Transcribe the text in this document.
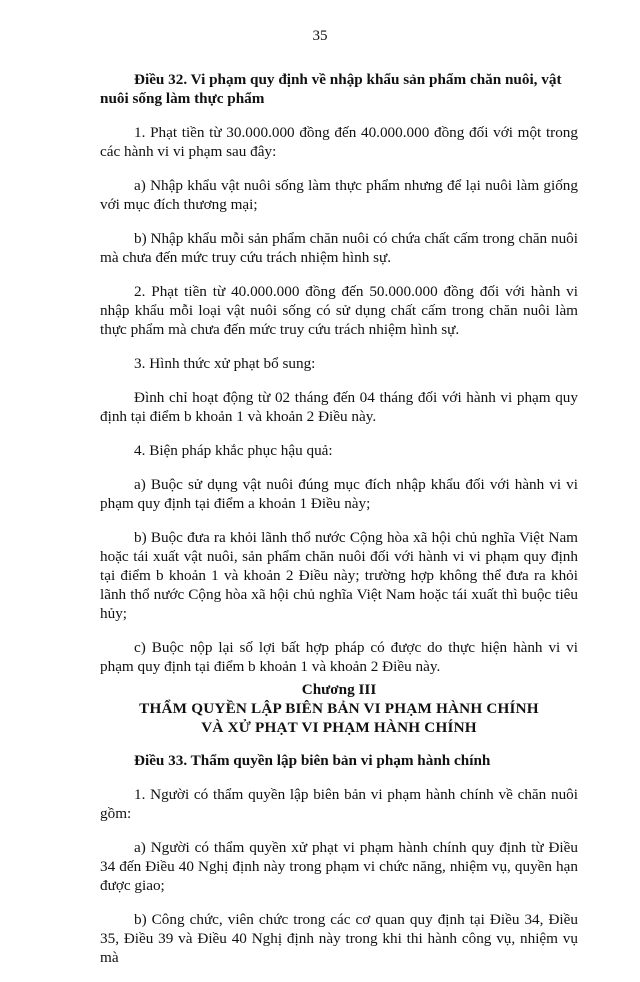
35
Điều 32. Vi phạm quy định về nhập khẩu sản phẩm chăn nuôi, vật
nuôi sống làm thực phẩm
1. Phạt tiền từ 30.000.000 đồng đến 40.000.000 đồng đối với một trong các hành vi vi phạm sau đây:
a) Nhập khẩu vật nuôi sống làm thực phẩm nhưng để lại nuôi làm giống với mục đích thương mại;
b) Nhập khẩu mỗi sản phẩm chăn nuôi có chứa chất cấm trong chăn nuôi mà chưa đến mức truy cứu trách nhiệm hình sự.
2. Phạt tiền từ 40.000.000 đồng đến 50.000.000 đồng đối với hành vi nhập khẩu mỗi loại vật nuôi sống có sử dụng chất cấm trong chăn nuôi làm thực phẩm mà chưa đến mức truy cứu trách nhiệm hình sự.
3. Hình thức xử phạt bổ sung:
Đình chỉ hoạt động từ 02 tháng đến 04 tháng đối với hành vi phạm quy định tại điểm b khoản 1 và khoản 2 Điều này.
4. Biện pháp khắc phục hậu quả:
a) Buộc sử dụng vật nuôi đúng mục đích nhập khẩu đối với hành vi vi phạm quy định tại điểm a khoản 1 Điều này;
b) Buộc đưa ra khỏi lãnh thổ nước Cộng hòa xã hội chủ nghĩa Việt Nam hoặc tái xuất vật nuôi, sản phẩm chăn nuôi đối với hành vi vi phạm quy định tại điểm b khoản 1 và khoản 2 Điều này; trường hợp không thể đưa ra khỏi lãnh thổ nước Cộng hòa xã hội chủ nghĩa Việt Nam hoặc tái xuất thì buộc tiêu hủy;
c) Buộc nộp lại số lợi bất hợp pháp có được do thực hiện hành vi vi phạm quy định tại điểm b khoản 1 và khoản 2 Điều này.
Chương III
THẨM QUYỀN LẬP BIÊN BẢN VI PHẠM HÀNH CHÍNH
VÀ XỬ PHẠT VI PHẠM HÀNH CHÍNH
Điều 33. Thẩm quyền lập biên bản vi phạm hành chính
1. Người có thẩm quyền lập biên bản vi phạm hành chính về chăn nuôi gồm:
a) Người có thẩm quyền xử phạt vi phạm hành chính quy định từ Điều 34 đến Điều 40 Nghị định này trong phạm vi chức năng, nhiệm vụ, quyền hạn được giao;
b) Công chức, viên chức trong các cơ quan quy định tại Điều 34, Điều 35, Điều 39 và Điều 40 Nghị định này trong khi thi hành công vụ, nhiệm vụ mà
